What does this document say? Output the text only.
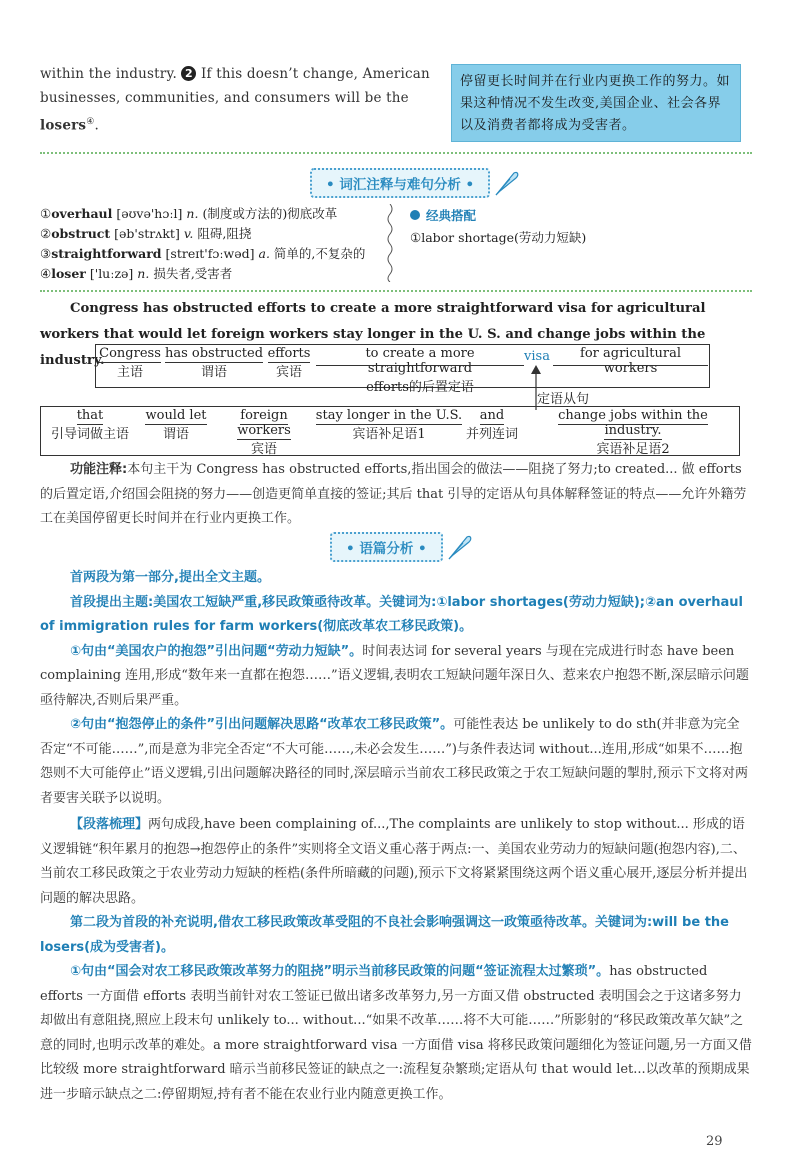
within the industry. 2 If this doesn’t change, American businesses, communities, and consumers will be the losers④.
停留更长时间并在行业内更换工作的努力。如果这种情况不发生改变,美国企业、社会各界以及消费者都将成为受害者。
• 词汇注释与难句分析 •
①overhaul [əʊvə'hɔːl] n. (制度或方法的)彻底改革
②obstruct [əb'strʌkt] v. 阻碍,阻挠
③straightforward [streɪt'fɔːwəd] a. 简单的,不复杂的
④loser ['luːzə] n. 损失者,受害者
经典搭配
①labor shortage(劳动力短缺)
Congress has obstructed efforts to create a more straightforward visa for agricultural workers that would let foreign workers stay longer in the U. S. and change jobs within the industry.
Congress
主语
has obstructed
谓语
efforts
宾语
to create a more straightforward
efforts的后置定语
visa	for agricultural workers
定语从句
that
引导词做主语
would let
谓语
foreign workers
宾语
stay longer in the U.S.
宾语补足语1
and
并列连词
change jobs within the industry.
宾语补足语2
功能注释:本句主干为 Congress has obstructed efforts,指出国会的做法——阻挠了努力;to created... 做 efforts 的后置定语,介绍国会阻挠的努力——创造更简单直接的签证;其后 that 引导的定语从句具体解释签证的特点——允许外籍劳工在美国停留更长时间并在行业内更换工作。
• 语篇分析 •
首两段为第一部分,提出全文主题。
首段提出主题:美国农工短缺严重,移民政策亟待改革。关键词为:①labor shortages(劳动力短缺);②an overhaul of immigration rules for farm workers(彻底改革农工移民政策)。
①句由“美国农户的抱怨”引出问题“劳动力短缺”。时间表达词 for several years 与现在完成进行时态 have been complaining 连用,形成“数年来一直都在抱怨……”语义逻辑,表明农工短缺问题年深日久、惹来农户抱怨不断,深层暗示问题亟待解决,否则后果严重。
②句由“抱怨停止的条件”引出问题解决思路“改革农工移民政策”。可能性表达 be unlikely to do sth(并非意为完全否定“不可能……”,而是意为非完全否定“不大可能……,未必会发生……”)与条件表达词 without...连用,形成“如果不……抱怨则不大可能停止”语义逻辑,引出问题解决路径的同时,深层暗示当前农工移民政策之于农工短缺问题的掣肘,预示下文将对两者要害关联予以说明。
【段落梳理】两句成段,have been complaining of...,The complaints are unlikely to stop without... 形成的语义逻辑链“积年累月的抱怨→抱怨停止的条件”实则将全文语义重心落于两点:一、美国农业劳动力的短缺问题(抱怨内容),二、当前农工移民政策之于农业劳动力短缺的桎梏(条件所暗藏的问题),预示下文将紧紧围绕这两个语义重心展开,逐层分析并提出问题的解决思路。
第二段为首段的补充说明,借农工移民政策改革受阻的不良社会影响强调这一政策亟待改革。关键词为:will be the losers(成为受害者)。
①句由“国会对农工移民政策改革努力的阻挠”明示当前移民政策的问题“签证流程太过繁琐”。has obstructed efforts 一方面借 efforts 表明当前针对农工签证已做出诸多改革努力,另一方面又借 obstructed 表明国会之于这诸多努力却做出有意阻挠,照应上段末句 unlikely to... without...“如果不改革……将不大可能……”所影射的“移民政策改革欠缺”之意的同时,也明示改革的难处。a more straightforward visa 一方面借 visa 将移民政策问题细化为签证问题,另一方面又借比较级 more straightforward 暗示当前移民签证的缺点之一:流程复杂繁琐;定语从句 that would let...以改革的预期成果进一步暗示缺点之二:停留期短,持有者不能在农业行业内随意更换工作。
29
